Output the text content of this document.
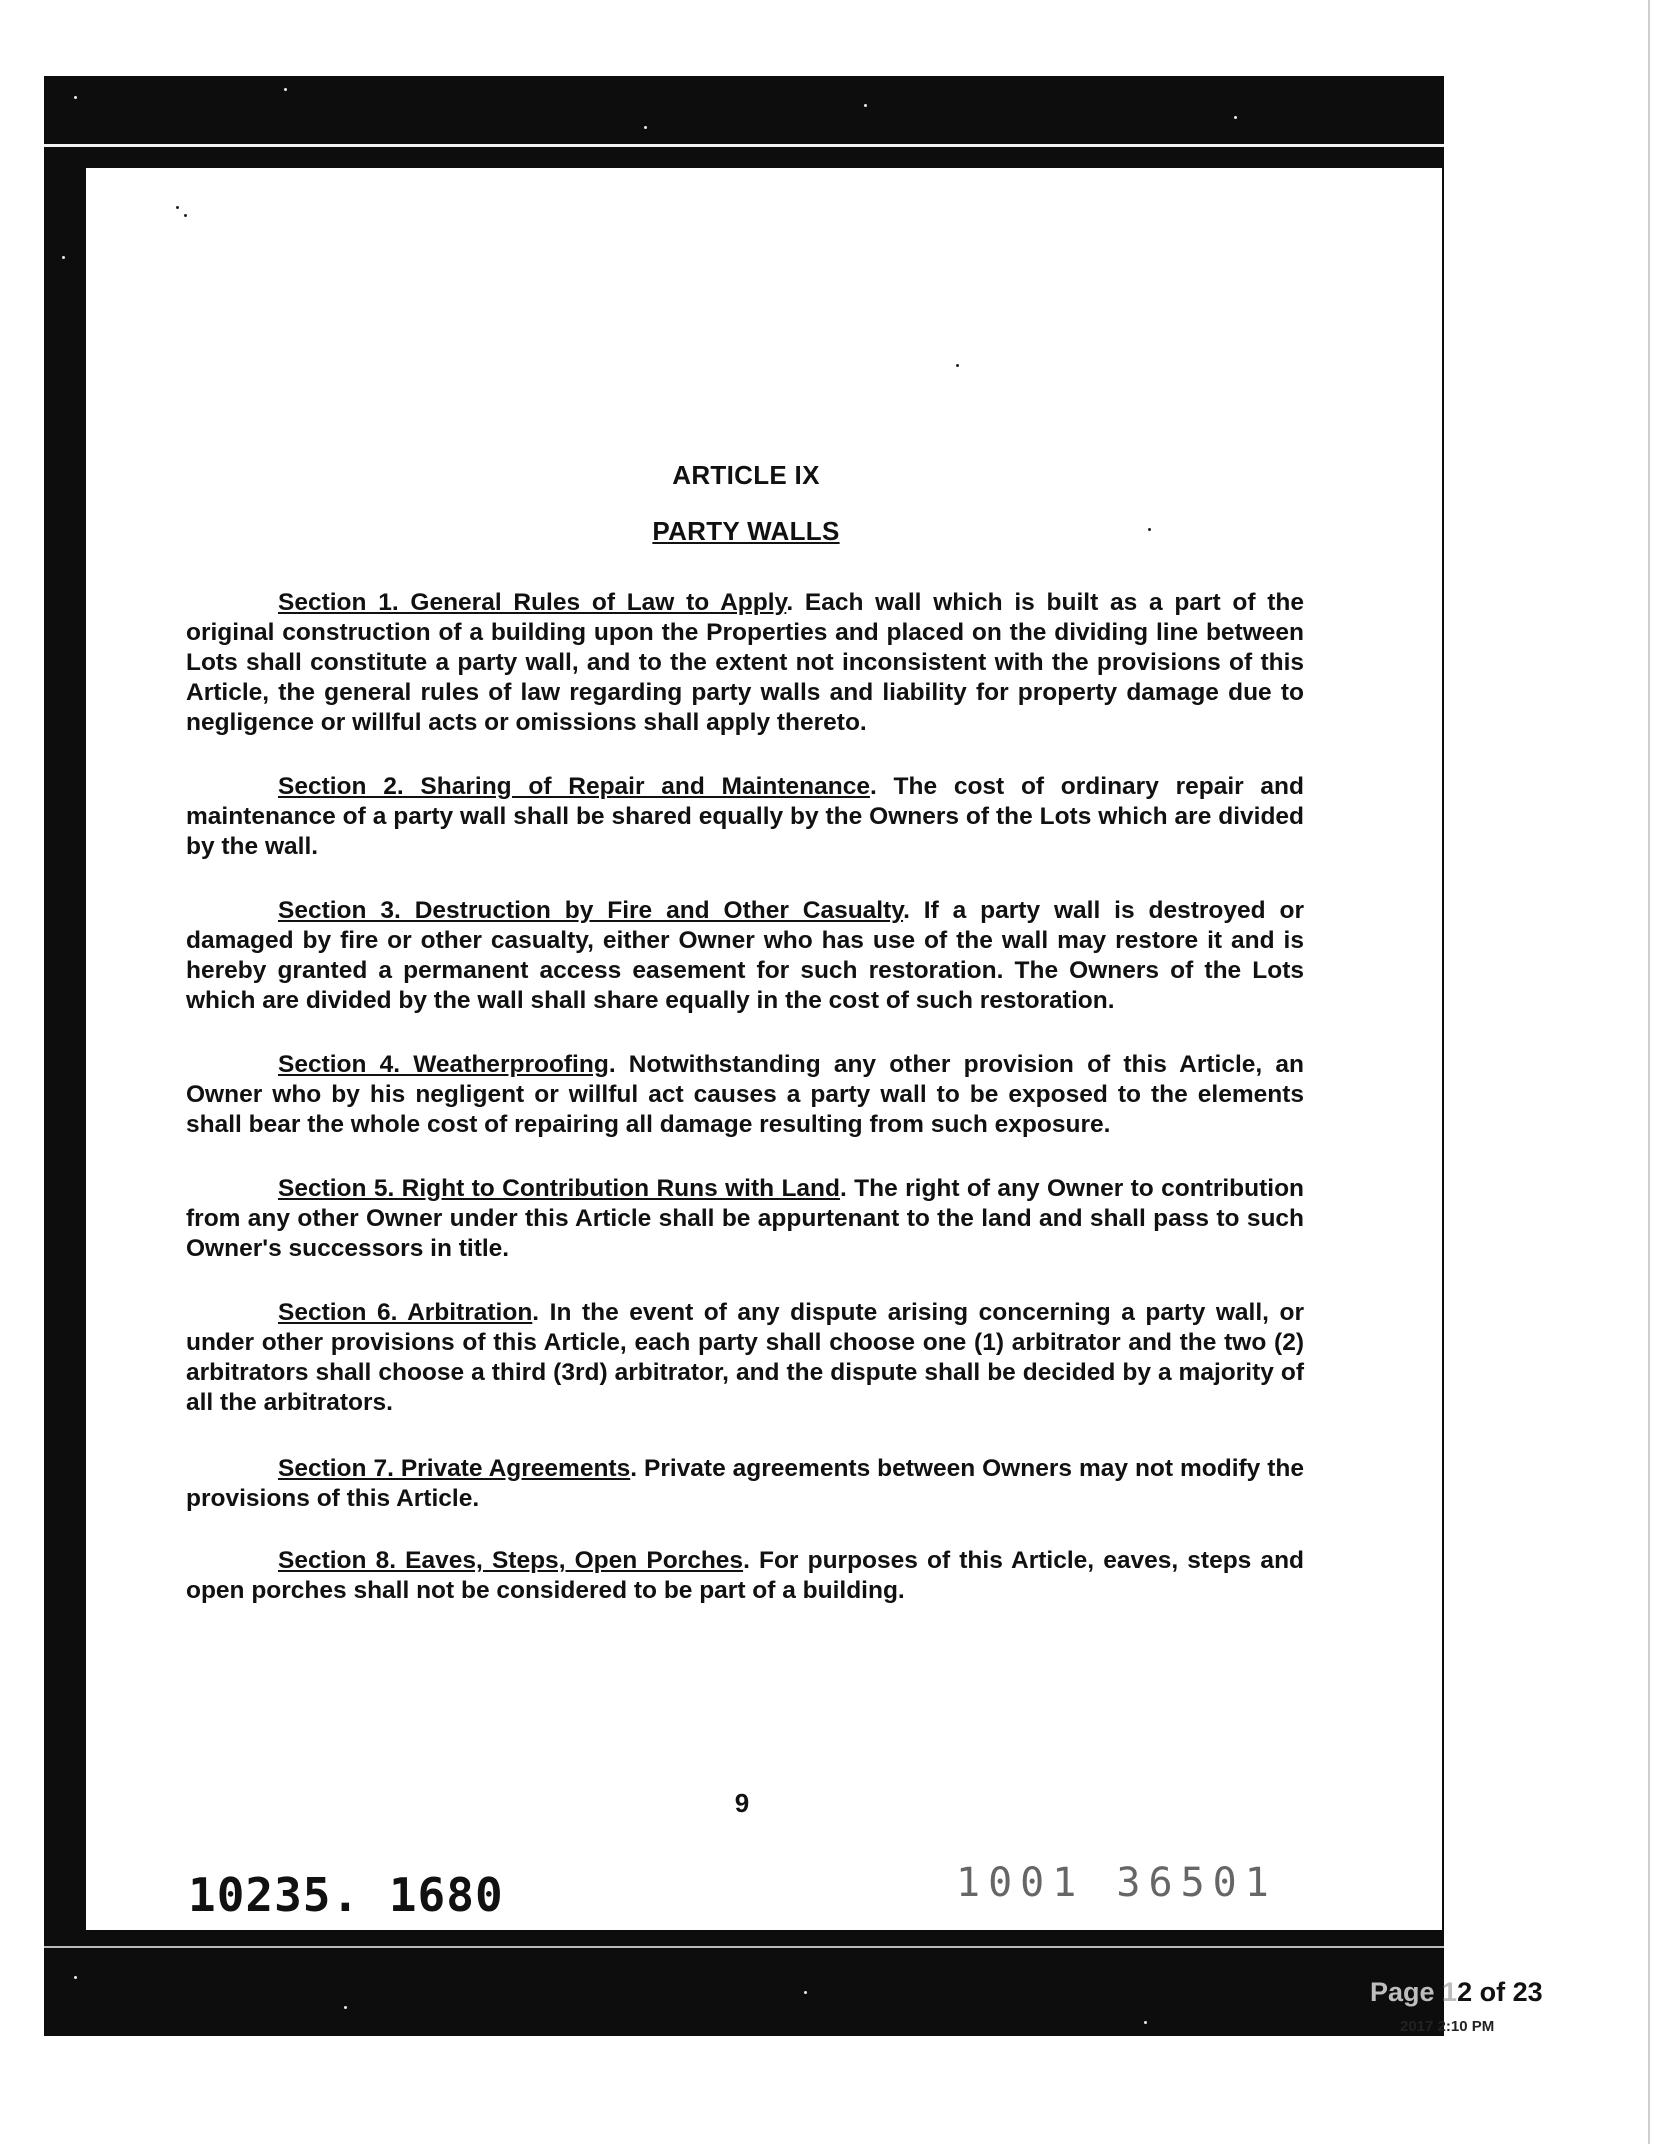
ARTICLE IX
PARTY WALLS
Section 1. General Rules of Law to Apply. Each wall which is built as a part of the original construction of a building upon the Properties and placed on the dividing line between Lots shall constitute a party wall, and to the extent not inconsistent with the provisions of this Article, the general rules of law regarding party walls and liability for property damage due to negligence or willful acts or omissions shall apply thereto.
Section 2. Sharing of Repair and Maintenance. The cost of ordinary repair and maintenance of a party wall shall be shared equally by the Owners of the Lots which are divided by the wall.
Section 3. Destruction by Fire and Other Casualty. If a party wall is destroyed or damaged by fire or other casualty, either Owner who has use of the wall may restore it and is hereby granted a permanent access easement for such restoration. The Owners of the Lots which are divided by the wall shall share equally in the cost of such restoration.
Section 4. Weatherproofing. Notwithstanding any other provision of this Article, an Owner who by his negligent or willful act causes a party wall to be exposed to the elements shall bear the whole cost of repairing all damage resulting from such exposure.
Section 5. Right to Contribution Runs with Land. The right of any Owner to contribution from any other Owner under this Article shall be appurtenant to the land and shall pass to such Owner's successors in title.
Section 6. Arbitration. In the event of any dispute arising concerning a party wall, or under other provisions of this Article, each party shall choose one (1) arbitrator and the two (2) arbitrators shall choose a third (3rd) arbitrator, and the dispute shall be decided by a majority of all the arbitrators.
Section 7. Private Agreements. Private agreements between Owners may not modify the provisions of this Article.
Section 8. Eaves, Steps, Open Porches. For purposes of this Article, eaves, steps and open porches shall not be considered to be part of a building.
9
10235. 1680	1001 36501
Page 12 of 23
2017 2:10 PM
